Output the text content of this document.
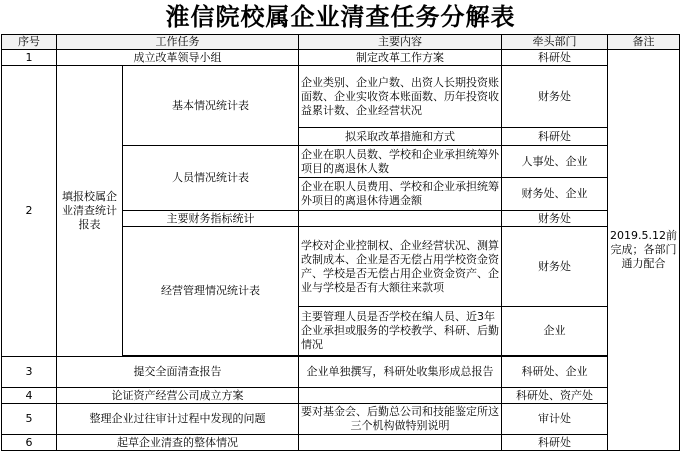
淮信院校属企业清查任务分解表
序号	工作任务		主要内容	牵头部门	备注
1	成立改革领导小组		制定改革工作方案	科研处	2019.5.12前完成；各部门通力配合
2	填报校属企业清查统计报表	基本情况统计表	企业类别、企业户数、出资人长期投资账面数、企业实收资本账面数、历年投资收益累计数、企业经营状况	财务处	
			拟采取改革措施和方式	科研处	
		人员情况统计表	企业在职人员数、学校和企业承担统筹外项目的离退休人数	人事处、企业	
			企业在职人员费用、学校和企业承担统筹外项目的离退休待遇金额	财务处、企业	
		主要财务指标统计		财务处	
		经营管理情况统计表	学校对企业控制权、企业经营状况、测算改制成本、企业是否无偿占用学校资金资产、学校是否无偿占用企业资金资产、企业与学校是否有大额往来款项	财务处	
			主要管理人员是否学校在编人员、近3年企业承担或服务的学校教学、科研、后勤情况	企业	

3	提交全面清查报告		企业单独撰写，科研处收集形成总报告	科研处、企业	
4	论证资产经营公司成立方案			科研处、资产处	
5	整理企业过往审计过程中发现的问题		要对基金会、后勤总公司和技能鉴定所这三个机构做特别说明	审计处	
6	起草企业清查的整体情况			科研处	
